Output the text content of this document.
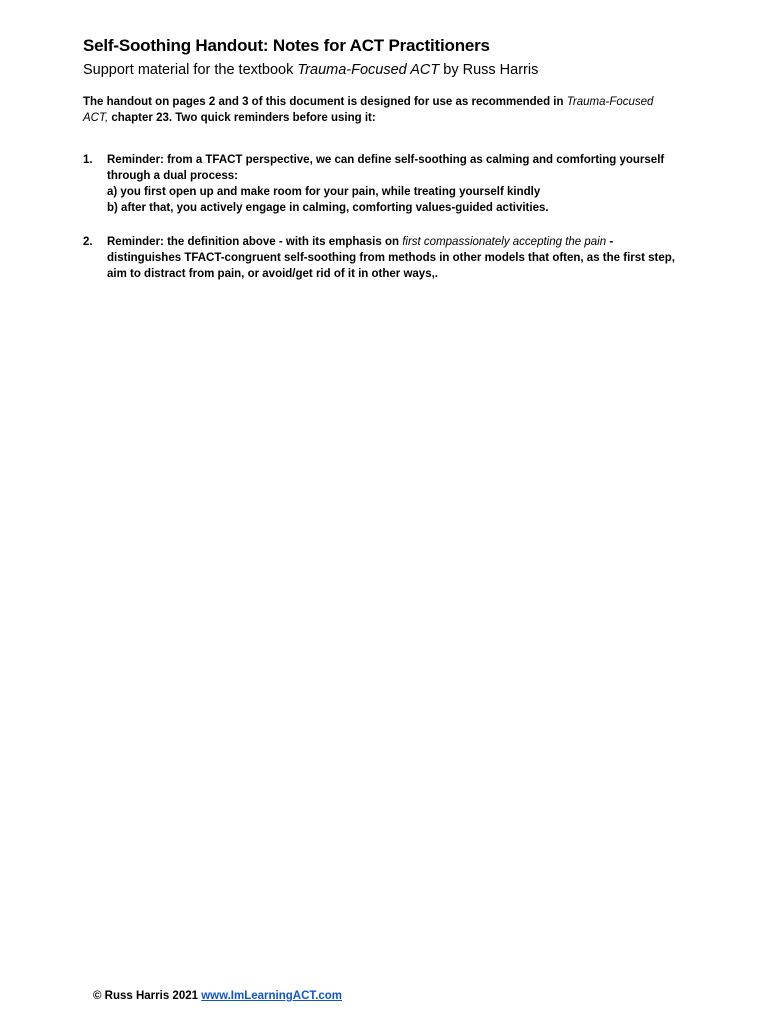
Self-Soothing Handout: Notes for ACT Practitioners

Support material for the textbook Trauma-Focused ACT by Russ Harris

The handout on pages 2 and 3 of this document is designed for use as recommended in Trauma-Focused ACT, chapter 23. Two quick reminders before using it:

1. Reminder: from a TFACT perspective, we can define self-soothing as calming and comforting yourself through a dual process:
a) you first open up and make room for your pain, while treating yourself kindly
b) after that, you actively engage in calming, comforting values-guided activities.
2. Reminder: the definition above - with its emphasis on first compassionately accepting the pain - distinguishes TFACT-congruent self-soothing from methods in other models that often, as the first step, aim to distract from pain, or avoid/get rid of it in other ways,.
© Russ Harris 2021 www.ImLearningACT.com
